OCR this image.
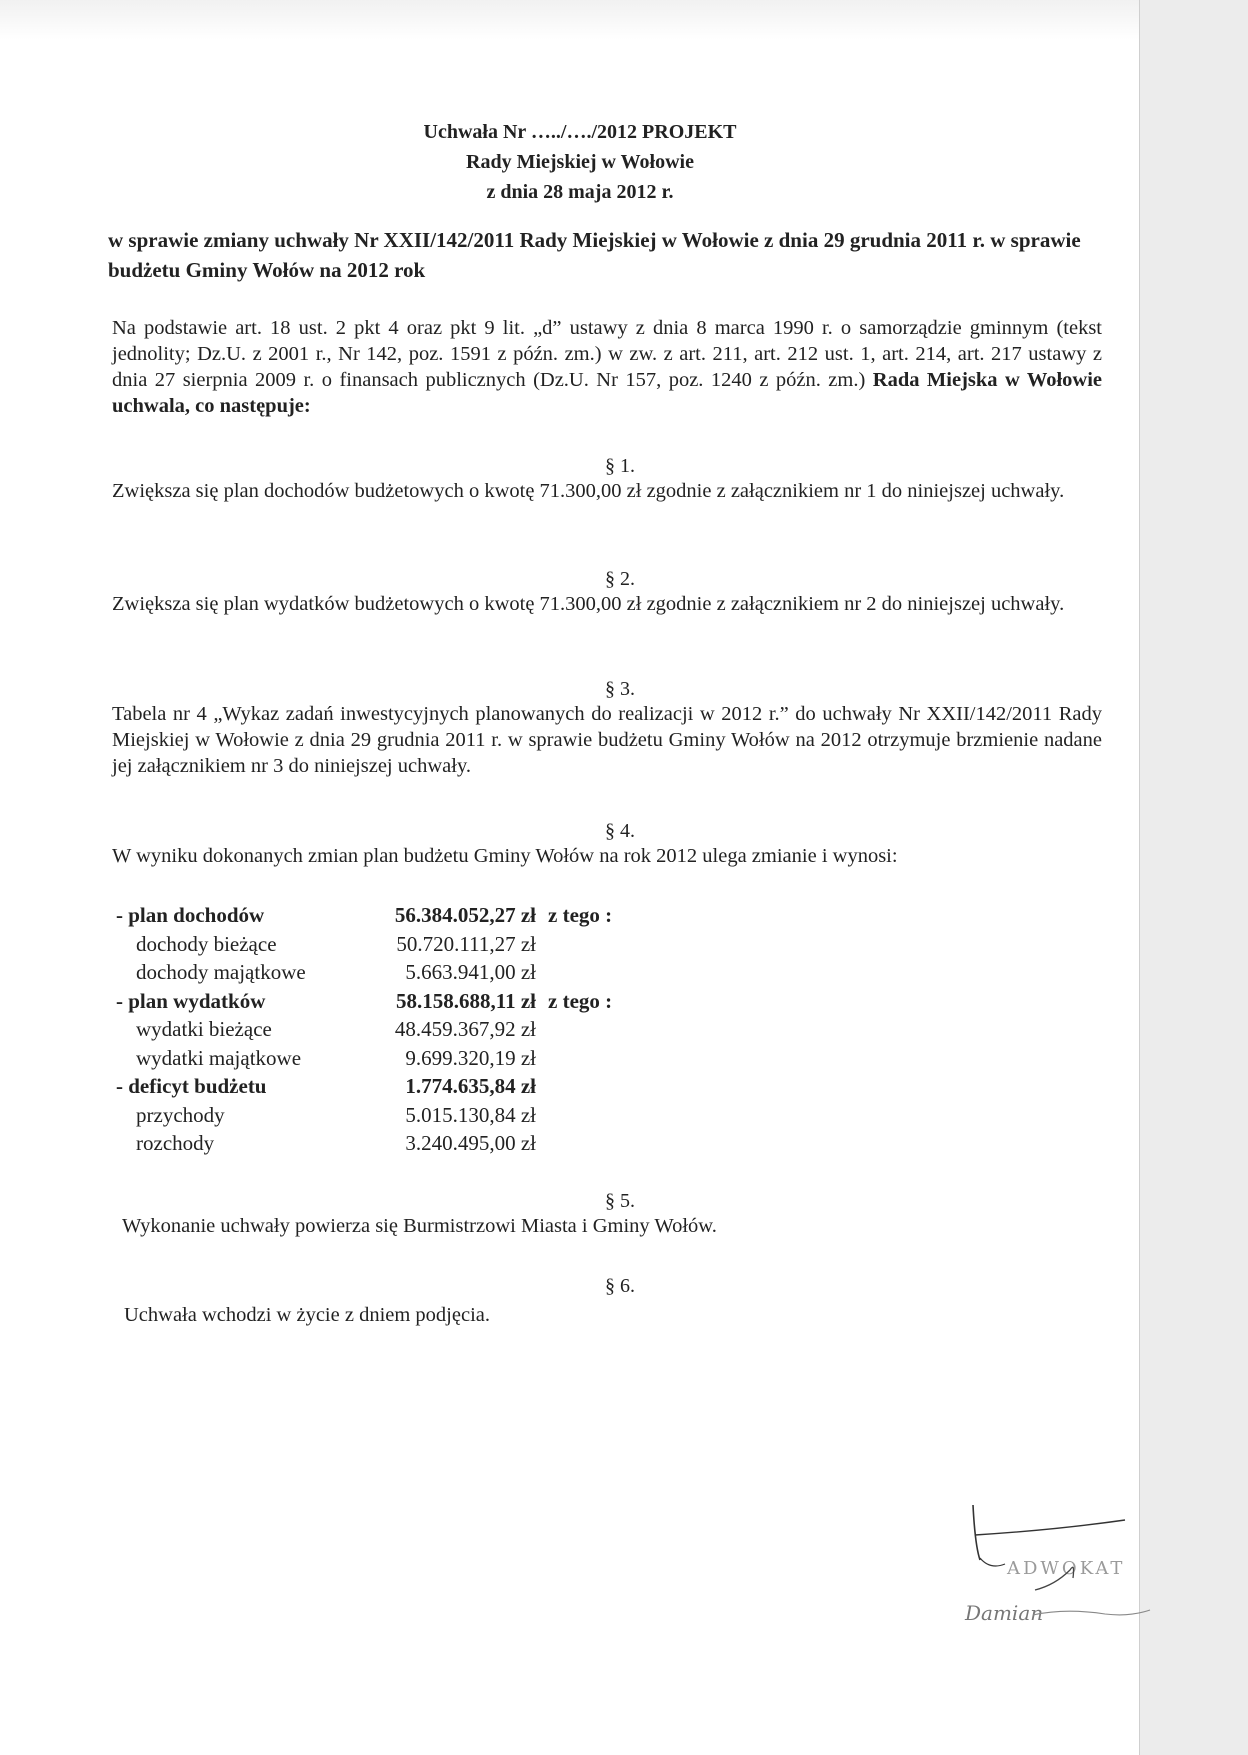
Uchwała Nr …../…./2012 PROJEKT
Rady Miejskiej w Wołowie
z dnia 28 maja 2012 r.
w sprawie zmiany uchwały Nr XXII/142/2011 Rady Miejskiej w Wołowie z dnia 29 grudnia 2011 r. w sprawie budżetu Gminy Wołów na 2012 rok
Na podstawie art. 18 ust. 2 pkt 4 oraz pkt 9 lit. „d” ustawy z dnia 8 marca 1990 r. o samorządzie gminnym (tekst jednolity; Dz.U. z 2001 r., Nr 142, poz. 1591 z późn. zm.) w zw. z art. 211, art. 212 ust. 1, art. 214, art. 217 ustawy z dnia 27 sierpnia 2009 r. o finansach publicznych (Dz.U. Nr 157, poz. 1240 z późn. zm.) Rada Miejska w Wołowie uchwala, co następuje:
§ 1.
Zwiększa się plan dochodów budżetowych o kwotę 71.300,00 zł zgodnie z załącznikiem nr 1 do niniejszej uchwały.
§ 2.
Zwiększa się plan wydatków budżetowych o kwotę 71.300,00 zł zgodnie z załącznikiem nr 2 do niniejszej uchwały.
§ 3.
Tabela nr 4 „Wykaz zadań inwestycyjnych planowanych do realizacji w 2012 r.” do uchwały Nr XXII/142/2011 Rady Miejskiej w Wołowie z dnia 29 grudnia 2011 r. w sprawie budżetu Gminy Wołów na 2012 otrzymuje brzmienie nadane jej załącznikiem nr 3 do niniejszej uchwały.
§ 4.
W wyniku dokonanych zmian plan budżetu Gminy Wołów na rok 2012 ulega zmianie i wynosi:
- plan dochodów	56.384.052,27 zł z tego :
dochody bieżące	50.720.111,27 zł
dochody majątkowe	5.663.941,00 zł
- plan wydatków	58.158.688,11 zł z tego :
wydatki bieżące	48.459.367,92 zł
wydatki majątkowe	9.699.320,19 zł
- deficyt budżetu	1.774.635,84 zł
przychody	5.015.130,84 zł
rozchody	3.240.495,00 zł
§ 5.
Wykonanie uchwały powierza się Burmistrzowi Miasta i Gminy Wołów.
§ 6.
Uchwała wchodzi w życie z dniem podjęcia.
ADWOKAT
Damian
